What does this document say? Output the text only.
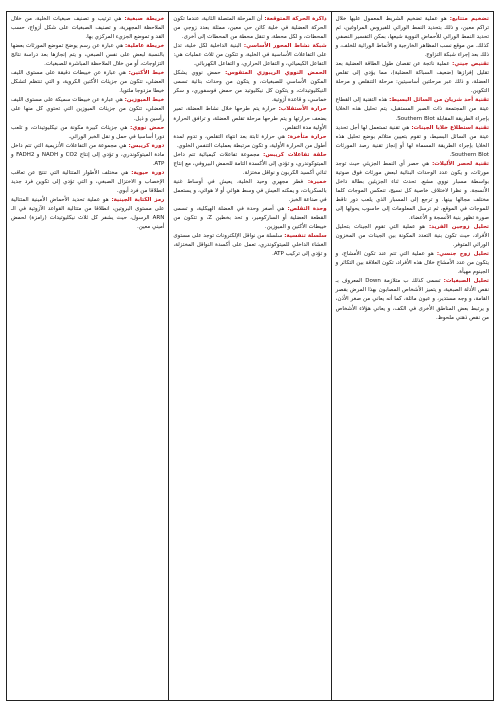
تضخيم متتابع: هو عملية تضخيم الشريط المعمول عليها خلال تراكم معين، و ذلك بتحديد النمط الوراثي للفيروس المراوغين، ثم تحديد النمط الوراثي للأحماض النووية شيعها، بمكن التفسير النصفي كذلك. من موقع نسب المظاهر الخارجية و الأنماط الوراثية للخلف، و ذلك بعد إجراء شبكة التزاوج.

تقنيص جيني: عملية ناتجة عن تقصان طول الطاقة العضلية بعد تقليل إفرازها (ضعيف السباكة العضلية)، مما يؤدي إلى تقلص العضلة، و ذلك عبر مرحلتين أساسيتين: مرحلة التنقلص و مرحلة التكوين.

تقنية أحد شريان من السائل البسيط: هذه التقنية إلى القطاع عينة من المجتمعة ذات الصبر المستقبل، يتم تحليل هذه الخلايا بإجراء الطريقة المقابلة Southern Blot.

تقنية استطلاع خلايا الجينات: هي تقنية تستعمل لها أجل تحديد عينة من السائل البسيط، و تقوم بتعيين متلائم بوضع تحليل هذه الخلايا بإجراء الطريقة المسماة لها أو إنجاز تقنية رصد المورثات Southern Blot.

تقنية لحصر الأليلات: هي حصر أي النمط الجزيئي حيث توجد مورثات، و يكون عدد الوحدات البنائية لبعض مورثات فوق صوتية بواسطة مسبار نووي مشع. تحدث ثناء الجزيئين بطالة داخل الأنسجة. و نظرا لاختلاف خاصية كل نسيج، تنعكس الموجات كلما مختلف مجالها بينها. و ترجع إلى المسبار الذي يلعب دور ناقط للموجات في الموقع، ثم ترسل المعلومات إلى حاسوب يحولها إلى صورة تظهر بنية الأنسجة و الأعضاء.

تحليل زوجين الفريد: هو عملية التي تقوم الجينات بتحليل الأفراد، حيث تكون بنية التعدد المكونة بين الجينات من المخزون الوراثي المتوفر.

تحليل زوج جنسي: هو عملية التي تتم عند تكون الأمشاج، و يتكون من عدد الأمشاج خلال هذه الأفراد، تكون العلاقة بين التكاثر و الجينوم مهيأة.

تحليل الصبغيات: تسمى كذلك ب متلازمة Down المعروف بـ نقص الأدلة الصبغية، و يتميز الأشخاص المصابون بهذا المرض بقصر القامة، و وجه مستدير، و عيون مائلة، كما أنه يعاني من صغر الأذن، و يرتبط بعض المناطق الأخرى في الكف، و يعاني هؤلاء الأشخاص من نقص ذهني ملحوظ.

ذاكرة الحركة المتوقعة: أن المرحلة المتصلة الثانية، عندما تكون الحركة العضلية في خلية كائن حي معين، ممثلة بعدد زوجي من المحطات، و لكل محطة، و تنقل محطة من المحطات إلى أخرى.

شبكة نشاط المحور الأساسي: البنية الداخلية لكل خلية، تدل على التفاعلات الأساسية في الخلية، و تتكون من ثلاث عمليات هي: التفاعل الكيميائي، و التفاعل الحراري، و التفاعل الكهربائي.

الحمض النووي الريبوزي المتقوس: حمض نووي يشكل المكون الأساسي للصبغيات، و يتكون من وحدات بنائية تسمى النيكليوتيدات، و يتكون كل نيكليوتيد من حمض فوسفوري، و سكر خماسي، و قاعدة آزوتية.

حرارة الأستقلاب: حرارة يتم طرحها خلال نشاط العضلة، تمير بضعف حرارتها و يتم طرحها مرحلة تقلص العضلة، و ترافق الحرارة الأولية مدة التقلص.

حرارة متأخرة: هي حرارة ثابتة بعد انتهاء التقلص، و تدوم لمدة أطول من الحرارة الأولية، و تكون مرتبطة بعمليات التنفس الخلوي.

حلقة تفاعلات كريبس: مجموعة تفاعلات كيميائية تتم داخل الميتوكوندري، و تؤدي إلى الأكسدة التامة للحمض البيروفي، مع إنتاج ثنائي أكسيد الكربون و نواقل مختزلة.

خميرة: فطر مجهري وحيد الخلية، يعيش في أوساط غنية بالسكريات، و يمكنه العيش في وسط هوائي أو لا هوائي، و يستعمل في صناعة الخبز.

وحدة التقلص: هي أصغر وحدة في العضلة الهيكلية، و تسمى القطعة العضلية أو الساركومير، و تحد بخطين Z، و تتكون من خييطات الأكتين و الميوزين.

سلسلة تنفسية: سلسلة من نواقل الإلكترونات توجد على مستوى الغشاء الداخلي للميتوكوندري، تعمل على أكسدة النواقل المختزلة، و تؤدي إلى تركيب ATP.

خريطة صبغية: هي ترتيب و تصنيف صبغيات الخلية، من خلال الملاحظة المجهرية، و تصنيف الصبغيات على شكل أزواج، حسب القد و تموضع الجزيء المركزي بها.

خريطة عاملية: هي عبارة عن رسم يوضح تموضع المورثات بعضها بالنسبة لبعض على نفس الصبغي، و يتم إنجازها بعد دراسة نتائج التزاوجات، أو من خلال الملاحظة المباشرة للصبغيات.

خيط الأكتين: هي عبارة عن خييطات دقيقة على مستوى الليف العضلي، تتكون من جزيئات الأكتين الكروية، و التي تنتظم لتشكل خيطا مزدوجا ملتويا.

خيط الميوزين: هي عبارة عن خييطات سميكة على مستوى الليف العضلي، تتكون من جزيئات الميوزين التي تحتوي كل منها على رأسين و ذيل.

حمض نووي: هي جزيئات كبيرة مكونة من نيكليوتيدات، و تلعب دورا أساسيا في حمل و نقل الخبر الوراثي.

دورة كريبس: هي مجموعة من التفاعلات الأنزيمية التي تتم داخل مادة الميتوكوندري، و تؤدي إلى إنتاج CO2 و NADH و FADH2 و ATP.

دورة حيوية: هي مختلف الأطوار المتتالية التي تنتج عن تعاقب الإخصاب و الاختزال الصبغي، و التي تؤدي إلى تكوين فرد جديد انطلاقا من فرد أبوي.

رمز الكتابة الجينية: هو عملية تحديد الأحماض الأمينية المتتالية على مستوى البروتين، انطلاقا من متتالية القواعد الآزوتية في الـ ARN الرسول، حيث يشفر كل ثلاث نيكليوتيدات (رامزة) لحمض أميني معين.
